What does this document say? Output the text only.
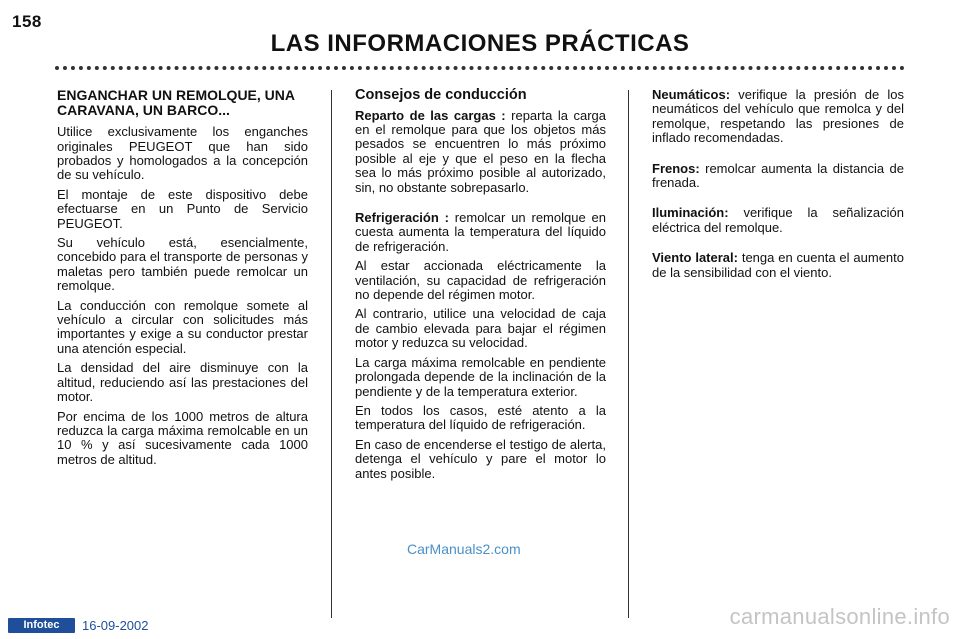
158
LAS INFORMACIONES PRÁCTICAS
ENGANCHAR UN REMOLQUE, UNA CARAVANA, UN BARCO...

Utilice exclusivamente los enganches originales PEUGEOT que han sido probados y homologados a la concepción de su vehículo.

El montaje de este dispositivo debe efectuarse en un Punto de Servicio PEUGEOT.

Su vehículo está, esencialmente, concebido para el transporte de personas y maletas pero también puede remolcar un remolque.

La conducción con remolque somete al vehículo a circular con solicitudes más importantes y exige a su conductor prestar una atención especial.

La densidad del aire disminuye con la altitud, reduciendo así las prestaciones del motor.

Por encima de los 1000 metros de altura reduzca la carga máxima remolcable en un 10 % y así sucesivamente cada 1000 metros de altitud.

Consejos de conducción

Reparto de las cargas : reparta la carga en el remolque para que los objetos más pesados se encuentren lo más próximo posible al eje y que el peso en la flecha sea lo más próximo posible al autorizado, sin, no obstante sobrepasarlo.

Refrigeración : remolcar un remolque en cuesta aumenta la temperatura del líquido de refrigeración.

Al estar accionada eléctricamente la ventilación, su capacidad de refrigeración no depende del régimen motor.

Al contrario, utilice una velocidad de caja de cambio elevada para bajar el régimen motor y reduzca su velocidad.

La carga máxima remolcable en pendiente prolongada depende de la inclinación de la pendiente y de la temperatura exterior.

En todos los casos, esté atento a la temperatura del líquido de refrigeración.

En caso de encenderse el testigo de alerta, detenga el vehículo y pare el motor lo antes posible.

Neumáticos: verifique la presión de los neumáticos del vehículo que remolca y del remolque, respetando las presiones de inflado recomendadas.

Frenos: remolcar aumenta la distancia de frenada.

Iluminación: verifique la señalización eléctrica del remolque.

Viento lateral: tenga en cuenta el aumento de la sensibilidad con el viento.

CarManuals2.com
carmanualsonline.info
Infotec	16-09-2002
